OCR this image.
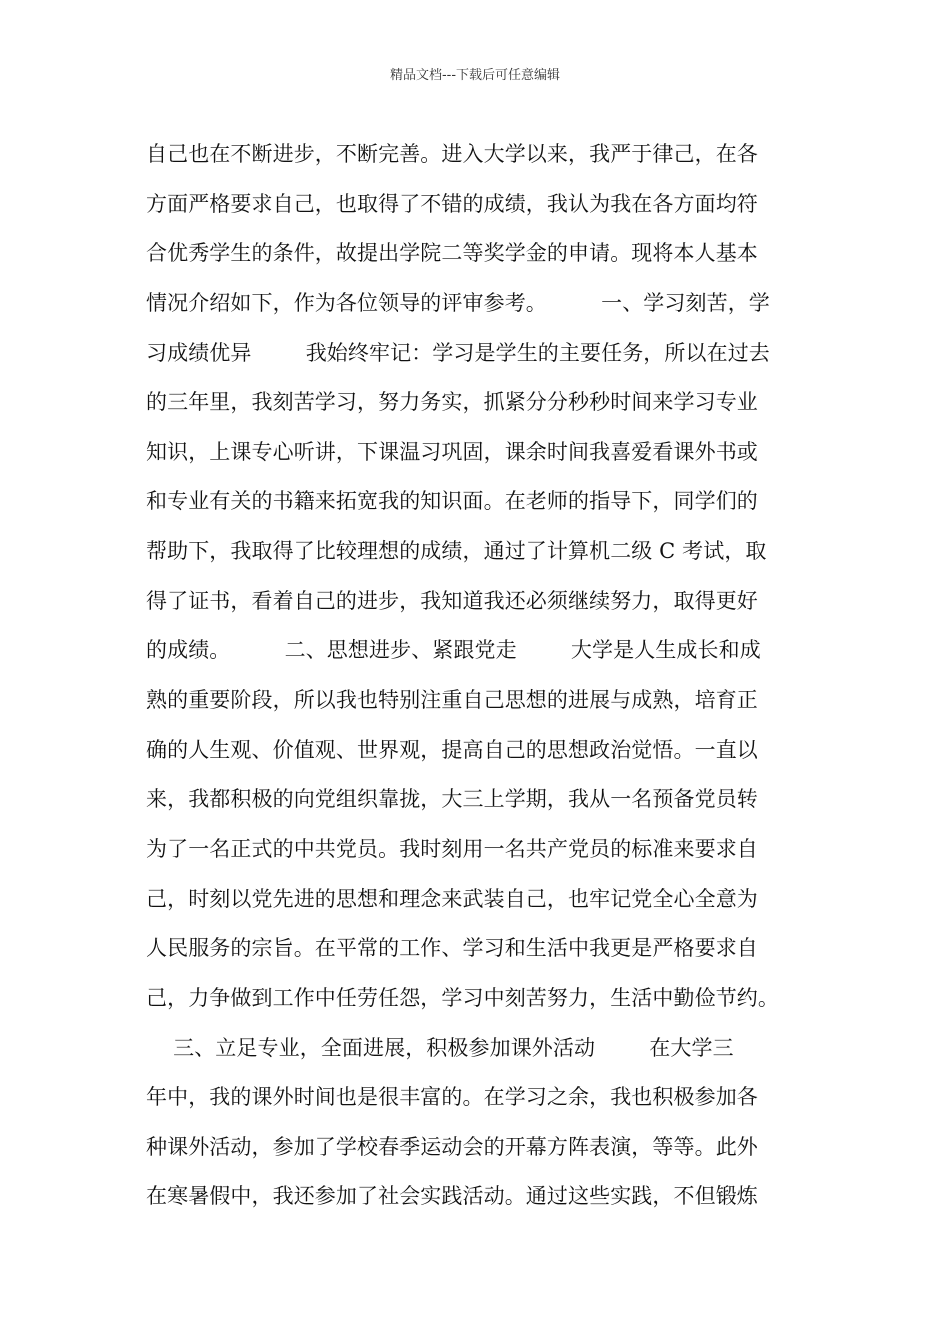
精品文档---下载后可任意编辑
自己也在不断进步，不断完善。进入大学以来，我严于律己，在各
方面严格要求自己，也取得了不错的成绩，我认为我在各方面均符
合优秀学生的条件，故提出学院二等奖学金的申请。现将本人基本
情况介绍如下，作为各位领导的评审参考。        一、学习刻苦，学
习成绩优异        我始终牢记：学习是学生的主要任务，所以在过去
的三年里，我刻苦学习，努力务实，抓紧分分秒秒时间来学习专业
知识，上课专心听讲，下课温习巩固，课余时间我喜爱看课外书或
和专业有关的书籍来拓宽我的知识面。在老师的指导下，同学们的
帮助下，我取得了比较理想的成绩，通过了计算机二级 C 考试，取
得了证书，看着自己的进步，我知道我还必须继续努力，取得更好
的成绩。        二、思想进步、紧跟党走        大学是人生成长和成
熟的重要阶段，所以我也特别注重自己思想的进展与成熟，培育正
确的人生观、价值观、世界观，提高自己的思想政治觉悟。一直以
来，我都积极的向党组织靠拢，大三上学期，我从一名预备党员转
为了一名正式的中共党员。我时刻用一名共产党员的标准来要求自
己，时刻以党先进的思想和理念来武装自己，也牢记党全心全意为
人民服务的宗旨。在平常的工作、学习和生活中我更是严格要求自
己，力争做到工作中任劳任怨，学习中刻苦努力，生活中勤俭节约。
三、立足专业，全面进展，积极参加课外活动        在大学三
年中，我的课外时间也是很丰富的。在学习之余，我也积极参加各
种课外活动，参加了学校春季运动会的开幕方阵表演，等等。此外
在寒暑假中，我还参加了社会实践活动。通过这些实践，不但锻炼
